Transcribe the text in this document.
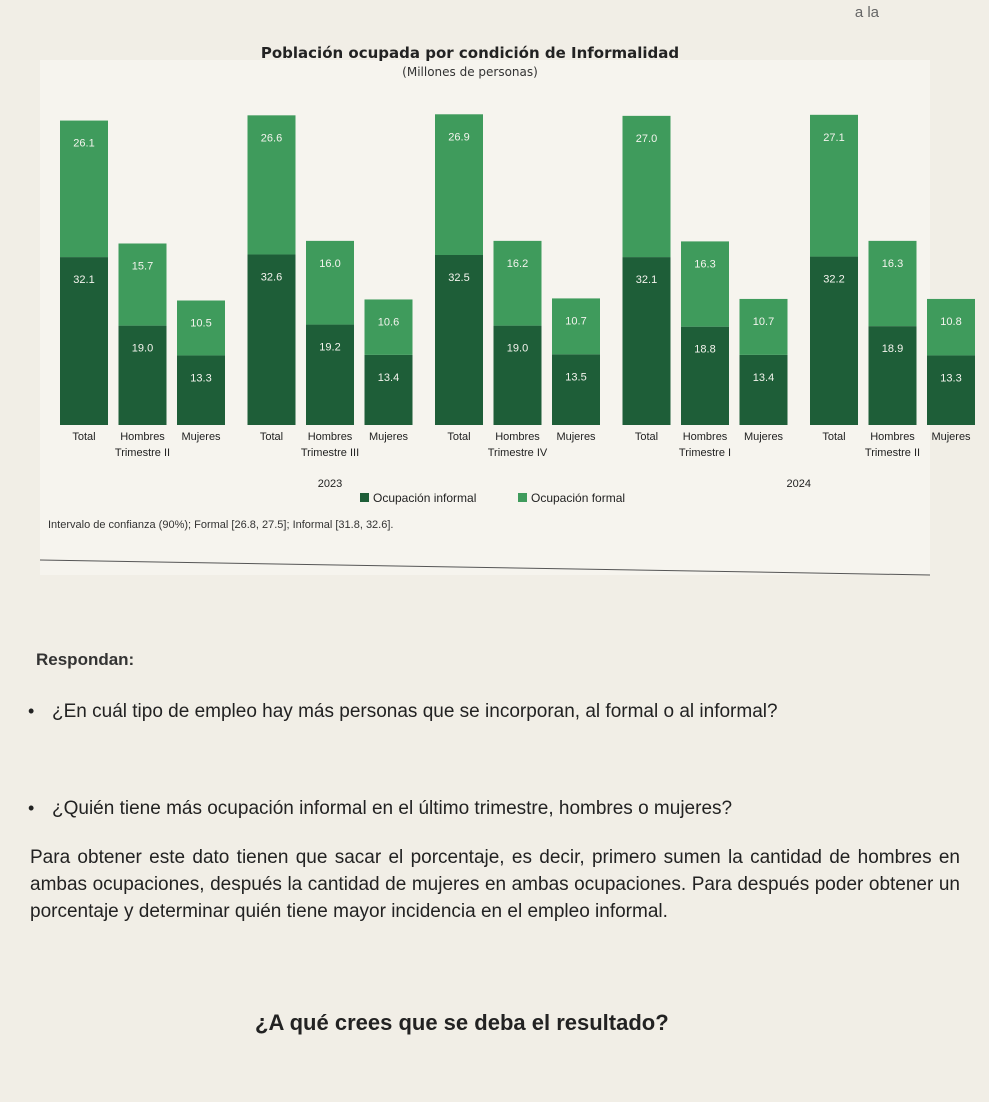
a la
Población ocupada por condición de Informalidad
(Millones de personas)
32.1
26.1
Total
19.0
15.7
Hombres
13.3
10.5
Mujeres
32.6
26.6
Total
19.2
16.0
Hombres
13.4
10.6
Mujeres
32.5
26.9
Total
19.0
16.2
Hombres
13.5
10.7
Mujeres
32.1
27.0
Total
18.8
16.3
Hombres
13.4
10.7
Mujeres
32.2
27.1
Total
18.9
16.3
Hombres
13.3
10.8
Mujeres
Trimestre II	Trimestre III	Trimestre IV	Trimestre I	Trimestre II
2023	2024
Ocupación informal	Ocupación formal
Intervalo de confianza (90%); Formal [26.8, 27.5]; Informal [31.8, 32.6].
Respondan:
• ¿En cuál tipo de empleo hay más personas que se incorporan, al formal o al informal?
• ¿Quién tiene más ocupación informal en el último trimestre, hombres o mujeres?
Para obtener este dato tienen que sacar el porcentaje, es decir, primero sumen la cantidad de hombres en ambas ocupaciones, después la cantidad de mujeres en ambas ocupaciones. Para después poder obtener un porcentaje y determinar quién tiene mayor incidencia en el empleo informal.
¿A qué crees que se deba el resultado?
